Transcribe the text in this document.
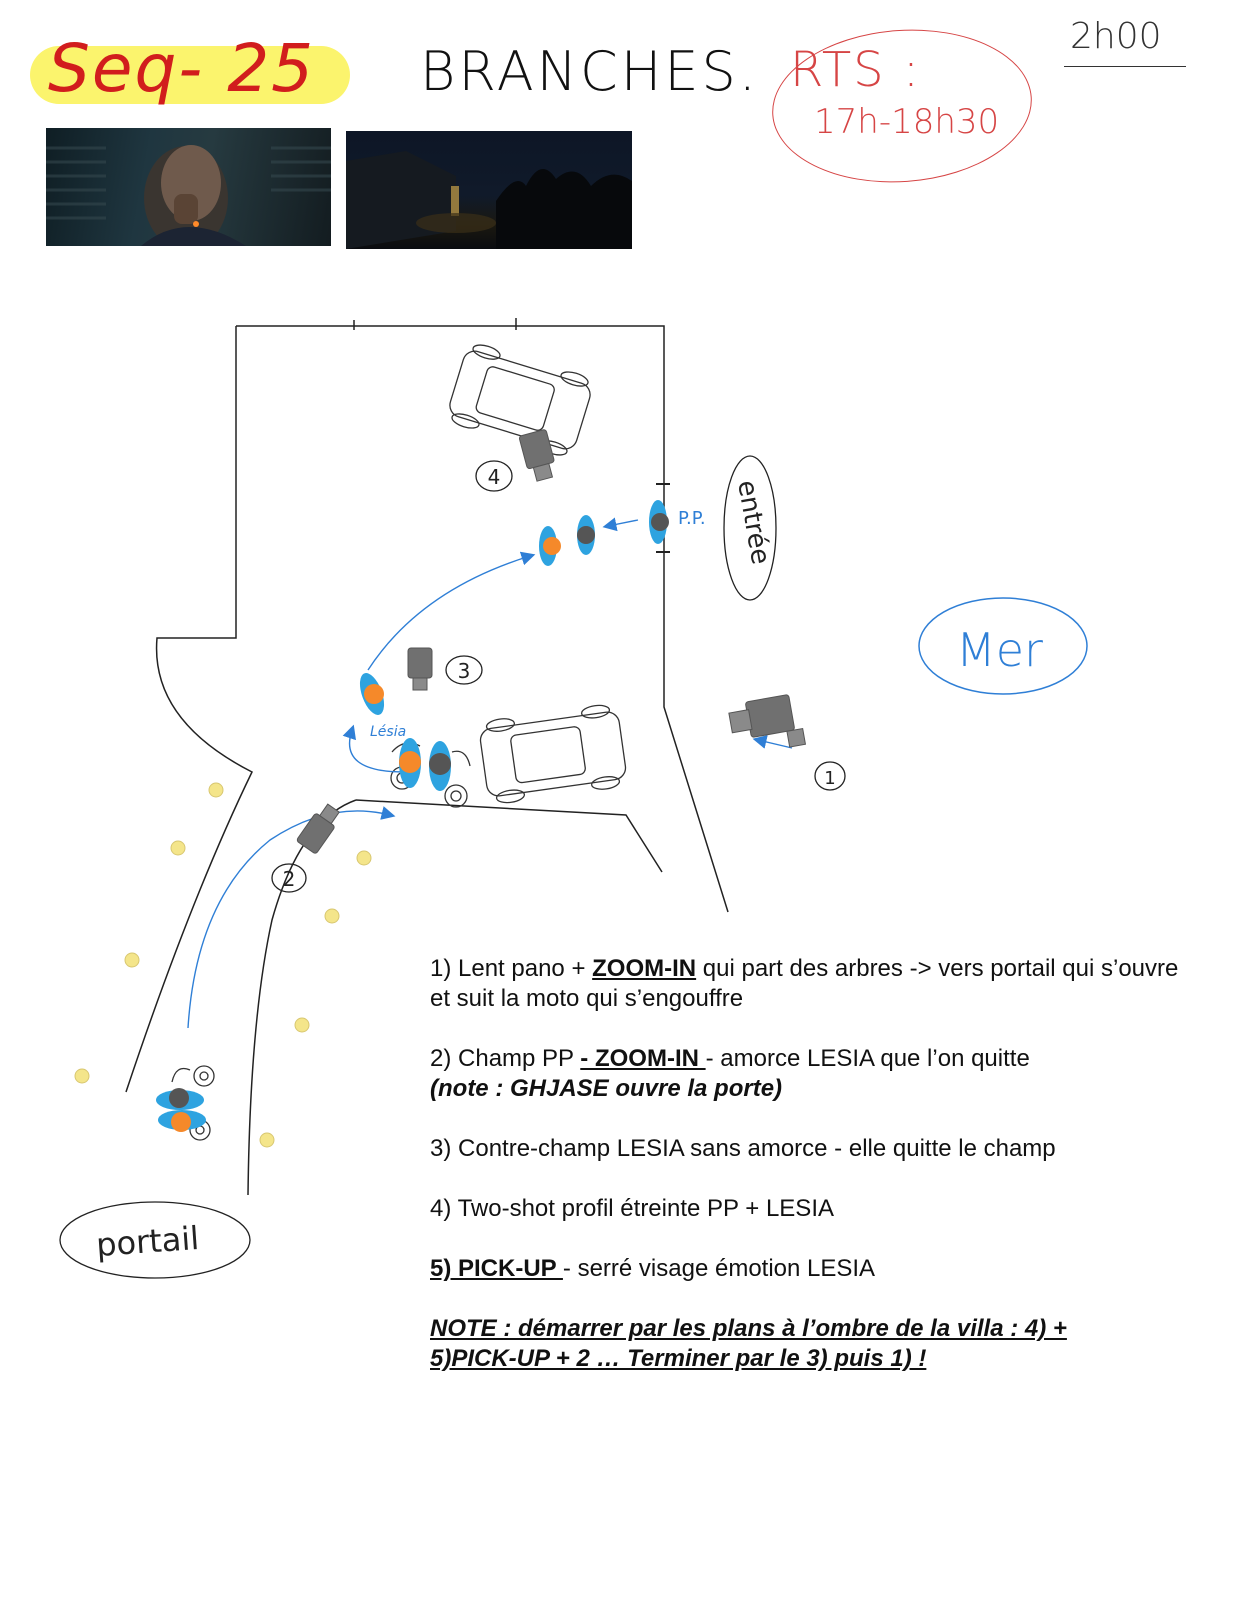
Seq- 25 BRANCHES. RTS :
17h-18h30
2h00
4
3
1
2
P.P.
Lésia
entrée
Mer
portail

1) Lent pano + ZOOM-IN qui part des arbres -> vers portail qui s’ouvre et suit la moto qui s’engouffre

2) Champ PP - ZOOM-IN - amorce LESIA que l’on quitte
(note : GHJASE ouvre la porte)

3) Contre-champ LESIA sans amorce - elle quitte le champ

4) Two-shot profil étreinte PP + LESIA

5) PICK-UP - serré visage émotion LESIA

NOTE : démarrer par les plans à l’ombre de la villa : 4) +
5)PICK-UP + 2 … Terminer par le 3) puis 1) !
